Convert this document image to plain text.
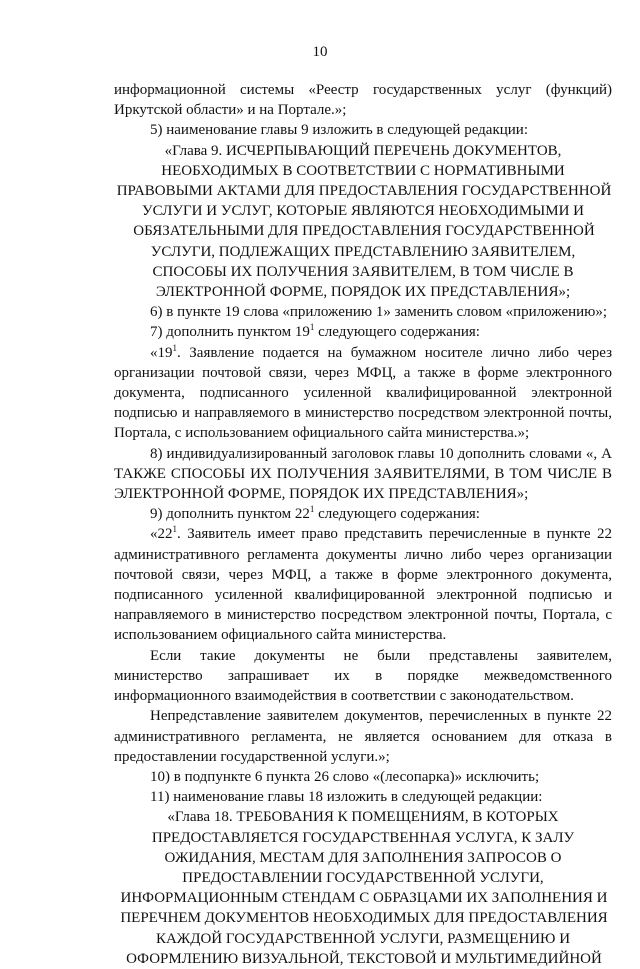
10

информационной системы «Реестр государственных услуг (функций) Иркутской области» и на Портале.»;

5) наименование главы 9 изложить в следующей редакции:

«Глава 9. ИСЧЕРПЫВАЮЩИЙ ПЕРЕЧЕНЬ ДОКУМЕНТОВ,

НЕОБХОДИМЫХ В СООТВЕТСТВИИ С НОРМАТИВНЫМИ

ПРАВОВЫМИ АКТАМИ ДЛЯ ПРЕДОСТАВЛЕНИЯ ГОСУДАРСТВЕННОЙ

УСЛУГИ И УСЛУГ, КОТОРЫЕ ЯВЛЯЮТСЯ НЕОБХОДИМЫМИ И

ОБЯЗАТЕЛЬНЫМИ ДЛЯ ПРЕДОСТАВЛЕНИЯ ГОСУДАРСТВЕННОЙ

УСЛУГИ, ПОДЛЕЖАЩИХ ПРЕДСТАВЛЕНИЮ ЗАЯВИТЕЛЕМ,

СПОСОБЫ ИХ ПОЛУЧЕНИЯ ЗАЯВИТЕЛЕМ, В ТОМ ЧИСЛЕ В

ЭЛЕКТРОННОЙ ФОРМЕ, ПОРЯДОК ИХ ПРЕДСТАВЛЕНИЯ»;

6) в пункте 19 слова «приложению 1» заменить словом «приложению»;

7) дополнить пунктом $19^1$ следующего содержания:

«$19^1$. Заявление подается на бумажном носителе лично либо через организации почтовой связи, через МФЦ, а также в форме электронного документа, подписанного усиленной квалифицированной электронной подписью и направляемого в министерство посредством электронной почты, Портала, с использованием официального сайта министерства.»;

8) индивидуализированный заголовок главы 10 дополнить словами «, А ТАКЖЕ СПОСОБЫ ИХ ПОЛУЧЕНИЯ ЗАЯВИТЕЛЯМИ, В ТОМ ЧИСЛЕ В ЭЛЕКТРОННОЙ ФОРМЕ, ПОРЯДОК ИХ ПРЕДСТАВЛЕНИЯ»;

9) дополнить пунктом $22^1$ следующего содержания:

«$22^1$. Заявитель имеет право представить перечисленные в пункте 22 административного регламента документы лично либо через организации почтовой связи, через МФЦ, а также в форме электронного документа, подписанного усиленной квалифицированной электронной подписью и направляемого в министерство посредством электронной почты, Портала, с использованием официального сайта министерства.

Если такие документы не были представлены заявителем, министерство запрашивает их в порядке межведомственного информационного взаимодействия в соответствии с законодательством.

Непредставление заявителем документов, перечисленных в пункте 22 административного регламента, не является основанием для отказа в предоставлении государственной услуги.»;

10) в подпункте 6 пункта 26 слово «(лесопарка)» исключить;

11) наименование главы 18 изложить в следующей редакции:

«Глава 18. ТРЕБОВАНИЯ К ПОМЕЩЕНИЯМ, В КОТОРЫХ

ПРЕДОСТАВЛЯЕТСЯ ГОСУДАРСТВЕННАЯ УСЛУГА, К ЗАЛУ

ОЖИДАНИЯ, МЕСТАМ ДЛЯ ЗАПОЛНЕНИЯ ЗАПРОСОВ О

ПРЕДОСТАВЛЕНИИ ГОСУДАРСТВЕННОЙ УСЛУГИ,

ИНФОРМАЦИОННЫМ СТЕНДАМ С ОБРАЗЦАМИ ИХ ЗАПОЛНЕНИЯ И

ПЕРЕЧНЕМ ДОКУМЕНТОВ НЕОБХОДИМЫХ ДЛЯ ПРЕДОСТАВЛЕНИЯ

КАЖДОЙ ГОСУДАРСТВЕННОЙ УСЛУГИ, РАЗМЕЩЕНИЮ И

ОФОРМЛЕНИЮ ВИЗУАЛЬНОЙ, ТЕКСТОВОЙ И МУЛЬТИМЕДИЙНОЙ
